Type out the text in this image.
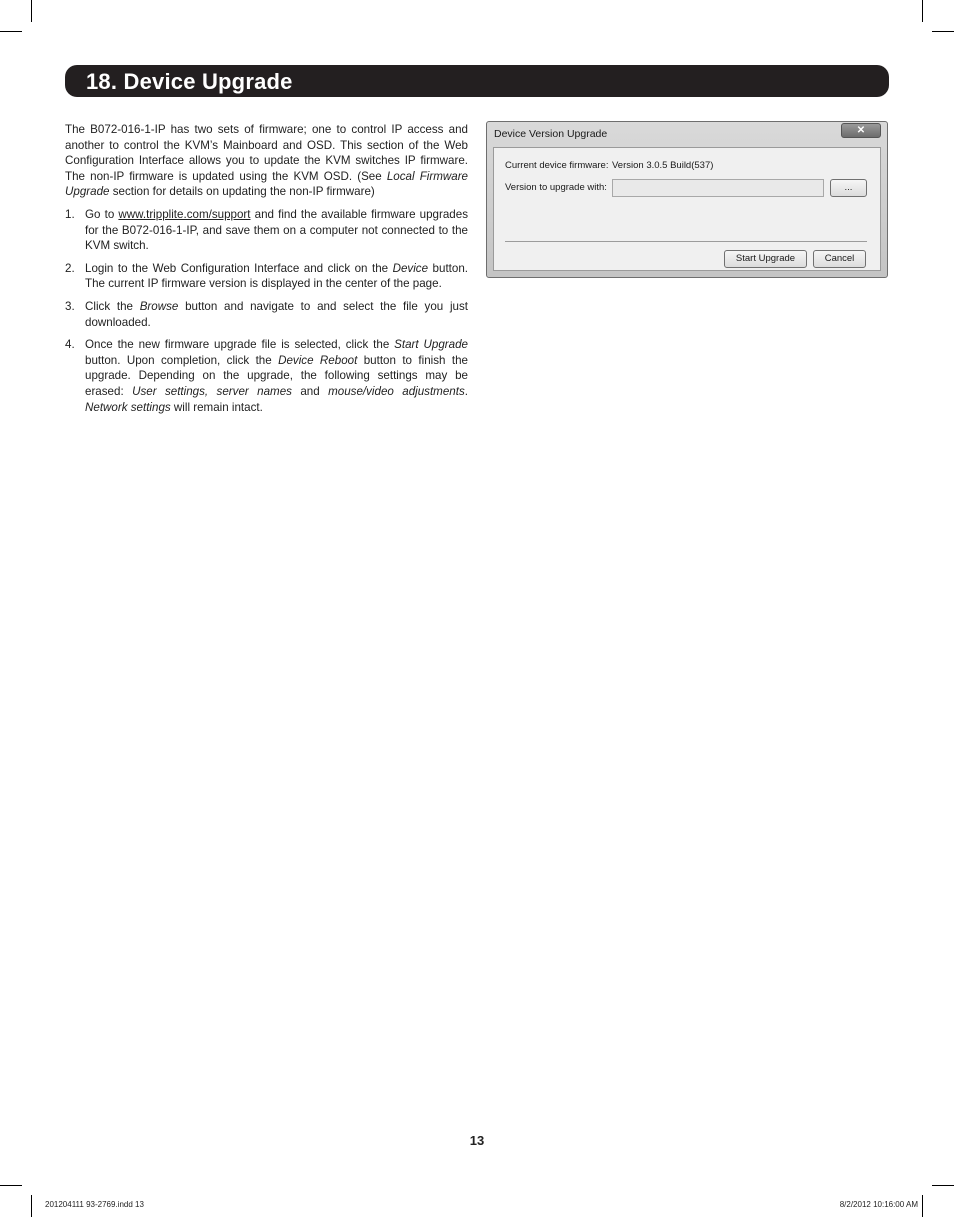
18. Device Upgrade

The B072-016-1-IP has two sets of firmware; one to control IP access and another to control the KVM’s Mainboard and OSD. This section of the Web Configuration Interface allows you to update the KVM switches IP firmware. The non-IP firmware is updated using the KVM OSD. (See Local Firmware Upgrade section for details on updating the non-IP firmware)

1. Go to www.tripplite.com/support and find the available firmware upgrades for the B072-016-1-IP, and save them on a computer not connected to the KVM switch.
2. Login to the Web Configuration Interface and click on the Device button. The current IP firmware version is displayed in the center of the page.
3. Click the Browse button and navigate to and select the file you just downloaded.
4. Once the new firmware upgrade file is selected, click the Start Upgrade button. Upon completion, click the Device Reboot button to finish the upgrade. Depending on the upgrade, the following settings may be erased: User settings, server names and mouse/video adjustments. Network settings will remain intact.
Device Version Upgrade	✕
Current device firmware: Version 3.0.5 Build(537)
Version to upgrade with:	...
Start Upgrade	Cancel
13
201204111 93-2769.indd 13	8/2/2012 10:16:00 AM
